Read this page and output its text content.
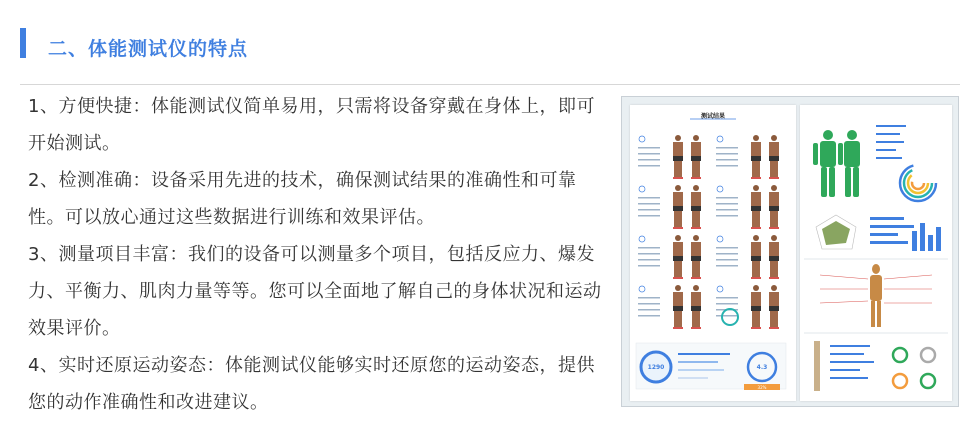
二、体能测试仪的特点

1、方便快捷：体能测试仪简单易用，只需将设备穿戴在身体上，即可开始测试。

2、检测准确：设备采用先进的技术，确保测试结果的准确性和可靠性。可以放心通过这些数据进行训练和效果评估。

3、测量项目丰富：我们的设备可以测量多个项目，包括反应力、爆发力、平衡力、肌肉力量等等。您可以全面地了解自己的身体状况和运动效果评价。

4、实时还原运动姿态：体能测试仪能够实时还原您的运动姿态，提供您的动作准确性和改进建议。

测试结果
1290	4.3
32%
